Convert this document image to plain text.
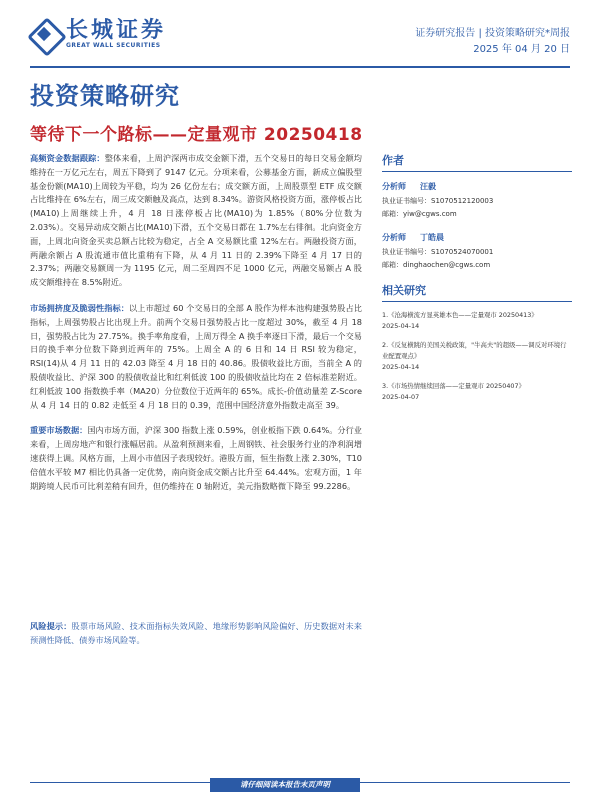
长城证券
GREAT WALL SECURITIES
证券研究报告 | 投资策略研究*周报
2025 年 04 月 20 日
投资策略研究
等待下一个路标——定量观市 20250418

高频资金数据跟踪：整体来看，上周沪深两市成交金额下滑，五个交易日的每日交易金额均维持在一万亿元左右，周五下降到了 9147 亿元。分项来看，公募基金方面，新成立偏股型基金份额(MA10)上周较为平稳，均为 26 亿份左右；成交额方面，上周股票型 ETF 成交额占比维持在 6%左右，周三成交额触及高点，达到 8.34%。游资风格投资方面，涨停板占比(MA10)上周继续上升，4 月 18 日涨停板占比(MA10)为 1.85%（80%分位数为 2.03%）。交易异动成交额占比(MA10)下滑，五个交易日都在 1.7%左右徘徊。北向资金方面，上周北向资金买卖总额占比较为稳定，占全 A 交易额比重 12%左右。两融投资方面，两融余额占 A 股流通市值比重稍有下降，从 4 月 11 日的 2.39%下降至 4 月 17 日的 2.37%；两融交易额周一为 1195 亿元，周二至周四不足 1000 亿元，两融交易额占 A 股成交额维持在 8.5%附近。

市场拥挤度及脆弱性指标：以上市超过 60 个交易日的全部 A 股作为样本池构建强势股占比指标，上周强势股占比出现上升。前两个交易日强势股占比一度超过 30%，截至 4 月 18 日，强势股占比为 27.75%。换手率角度看，上周万得全 A 换手率逐日下滑，最后一个交易日的换手率分位数下降到近两年的 75%。上周全 A 的 6 日和 14 日 RSI 较为稳定，RSI(14)从 4 月 11 日的 42.03 降至 4 月 18 日的 40.86。股债收益比方面，当前全 A 的股债收益比、沪深 300 的股债收益比和红利低波 100 的股债收益比均在 2 倍标准差附近。红利低波 100 指数换手率（MA20）分位数位于近两年的 65%。成长-价值动量差 Z-Score 从 4 月 14 日的 0.82 走低至 4 月 18 日的 0.39，范围中国经济意外指数走高至 39。

重要市场数据：国内市场方面，沪深 300 指数上涨 0.59%，创业板指下跌 0.64%。分行业来看，上周房地产和银行涨幅居前。从盈利预测来看，上周钢铁、社会服务行业的净利润增速获得上调。风格方面，上周小市值因子表现较好。港股方面，恒生指数上涨 2.30%，T10 倍值水平较 M7 相比仍具备一定优势，南向资金成交额占比升至 64.44%。宏观方面，1 年期跨境人民币可比利差稍有回升，但仍维持在 0 轴附近，美元指数略微下降至 99.2286。

风险提示：股票市场风险、技术面指标失效风险、地缘形势影响风险偏好、历史数据对未来预测性降低、债券市场风险等。
作者
分析师 汪毅
执业证书编号：S1070512120003
邮箱：yiw@cgws.com
分析师 丁皓晨
执业证书编号：S1070524070001
邮箱：dinghaochen@cgws.com
相关研究
1.《沧海横流方显英雄本色——定量观市 20250413》
2025-04-14
2.《反复横跳的美国关税政策，"牛高夫"的超级——调反对环境行业配置观点》
2025-04-14
3.《市场热情继续回落——定量观市 20250407》
2025-04-07
请仔细阅读本报告末页声明
